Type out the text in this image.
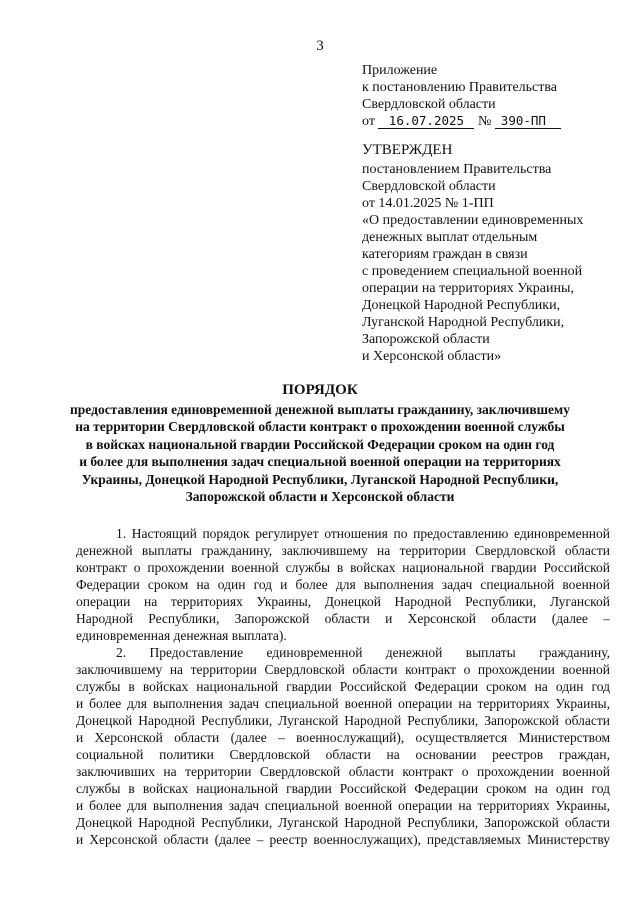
3
Приложение
к постановлению Правительства
Свердловской области
от 16.07.2025 № 390-ПП
УТВЕРЖДЕН
постановлением Правительства
Свердловской области
от 14.01.2025 № 1-ПП
«О предоставлении единовременных
денежных выплат отдельным
категориям граждан в связи
с проведением специальной военной
операции на территориях Украины,
Донецкой Народной Республики,
Луганской Народной Республики,
Запорожской области
и Херсонской области»
ПОРЯДОК
предоставления единовременной денежной выплаты гражданину, заключившему
на территории Свердловской области контракт о прохождении военной службы
в войсках национальной гвардии Российской Федерации сроком на один год
и более для выполнения задач специальной военной операции на территориях
Украины, Донецкой Народной Республики, Луганской Народной Республики,
Запорожской области и Херсонской области
1. Настоящий порядок регулирует отношения по предоставлению единовременной
денежной выплаты гражданину, заключившему на территории Свердловской области
контракт о прохождении военной службы в войсках национальной гвардии Российской
Федерации сроком на один год и более для выполнения задач специальной военной
операции на территориях Украины, Донецкой Народной Республики, Луганской
Народной Республики, Запорожской области и Херсонской области (далее –
единовременная денежная выплата).
2. Предоставление единовременной денежной выплаты гражданину,
заключившему на территории Свердловской области контракт о прохождении военной
службы в войсках национальной гвардии Российской Федерации сроком на один год
и более для выполнения задач специальной военной операции на территориях Украины,
Донецкой Народной Республики, Луганской Народной Республики, Запорожской области
и Херсонской области (далее – военнослужащий), осуществляется Министерством
социальной политики Свердловской области на основании реестров граждан,
заключивших на территории Свердловской области контракт о прохождении военной
службы в войсках национальной гвардии Российской Федерации сроком на один год
и более для выполнения задач специальной военной операции на территориях Украины,
Донецкой Народной Республики, Луганской Народной Республики, Запорожской области
и Херсонской области (далее – реестр военнослужащих), представляемых Министерству
